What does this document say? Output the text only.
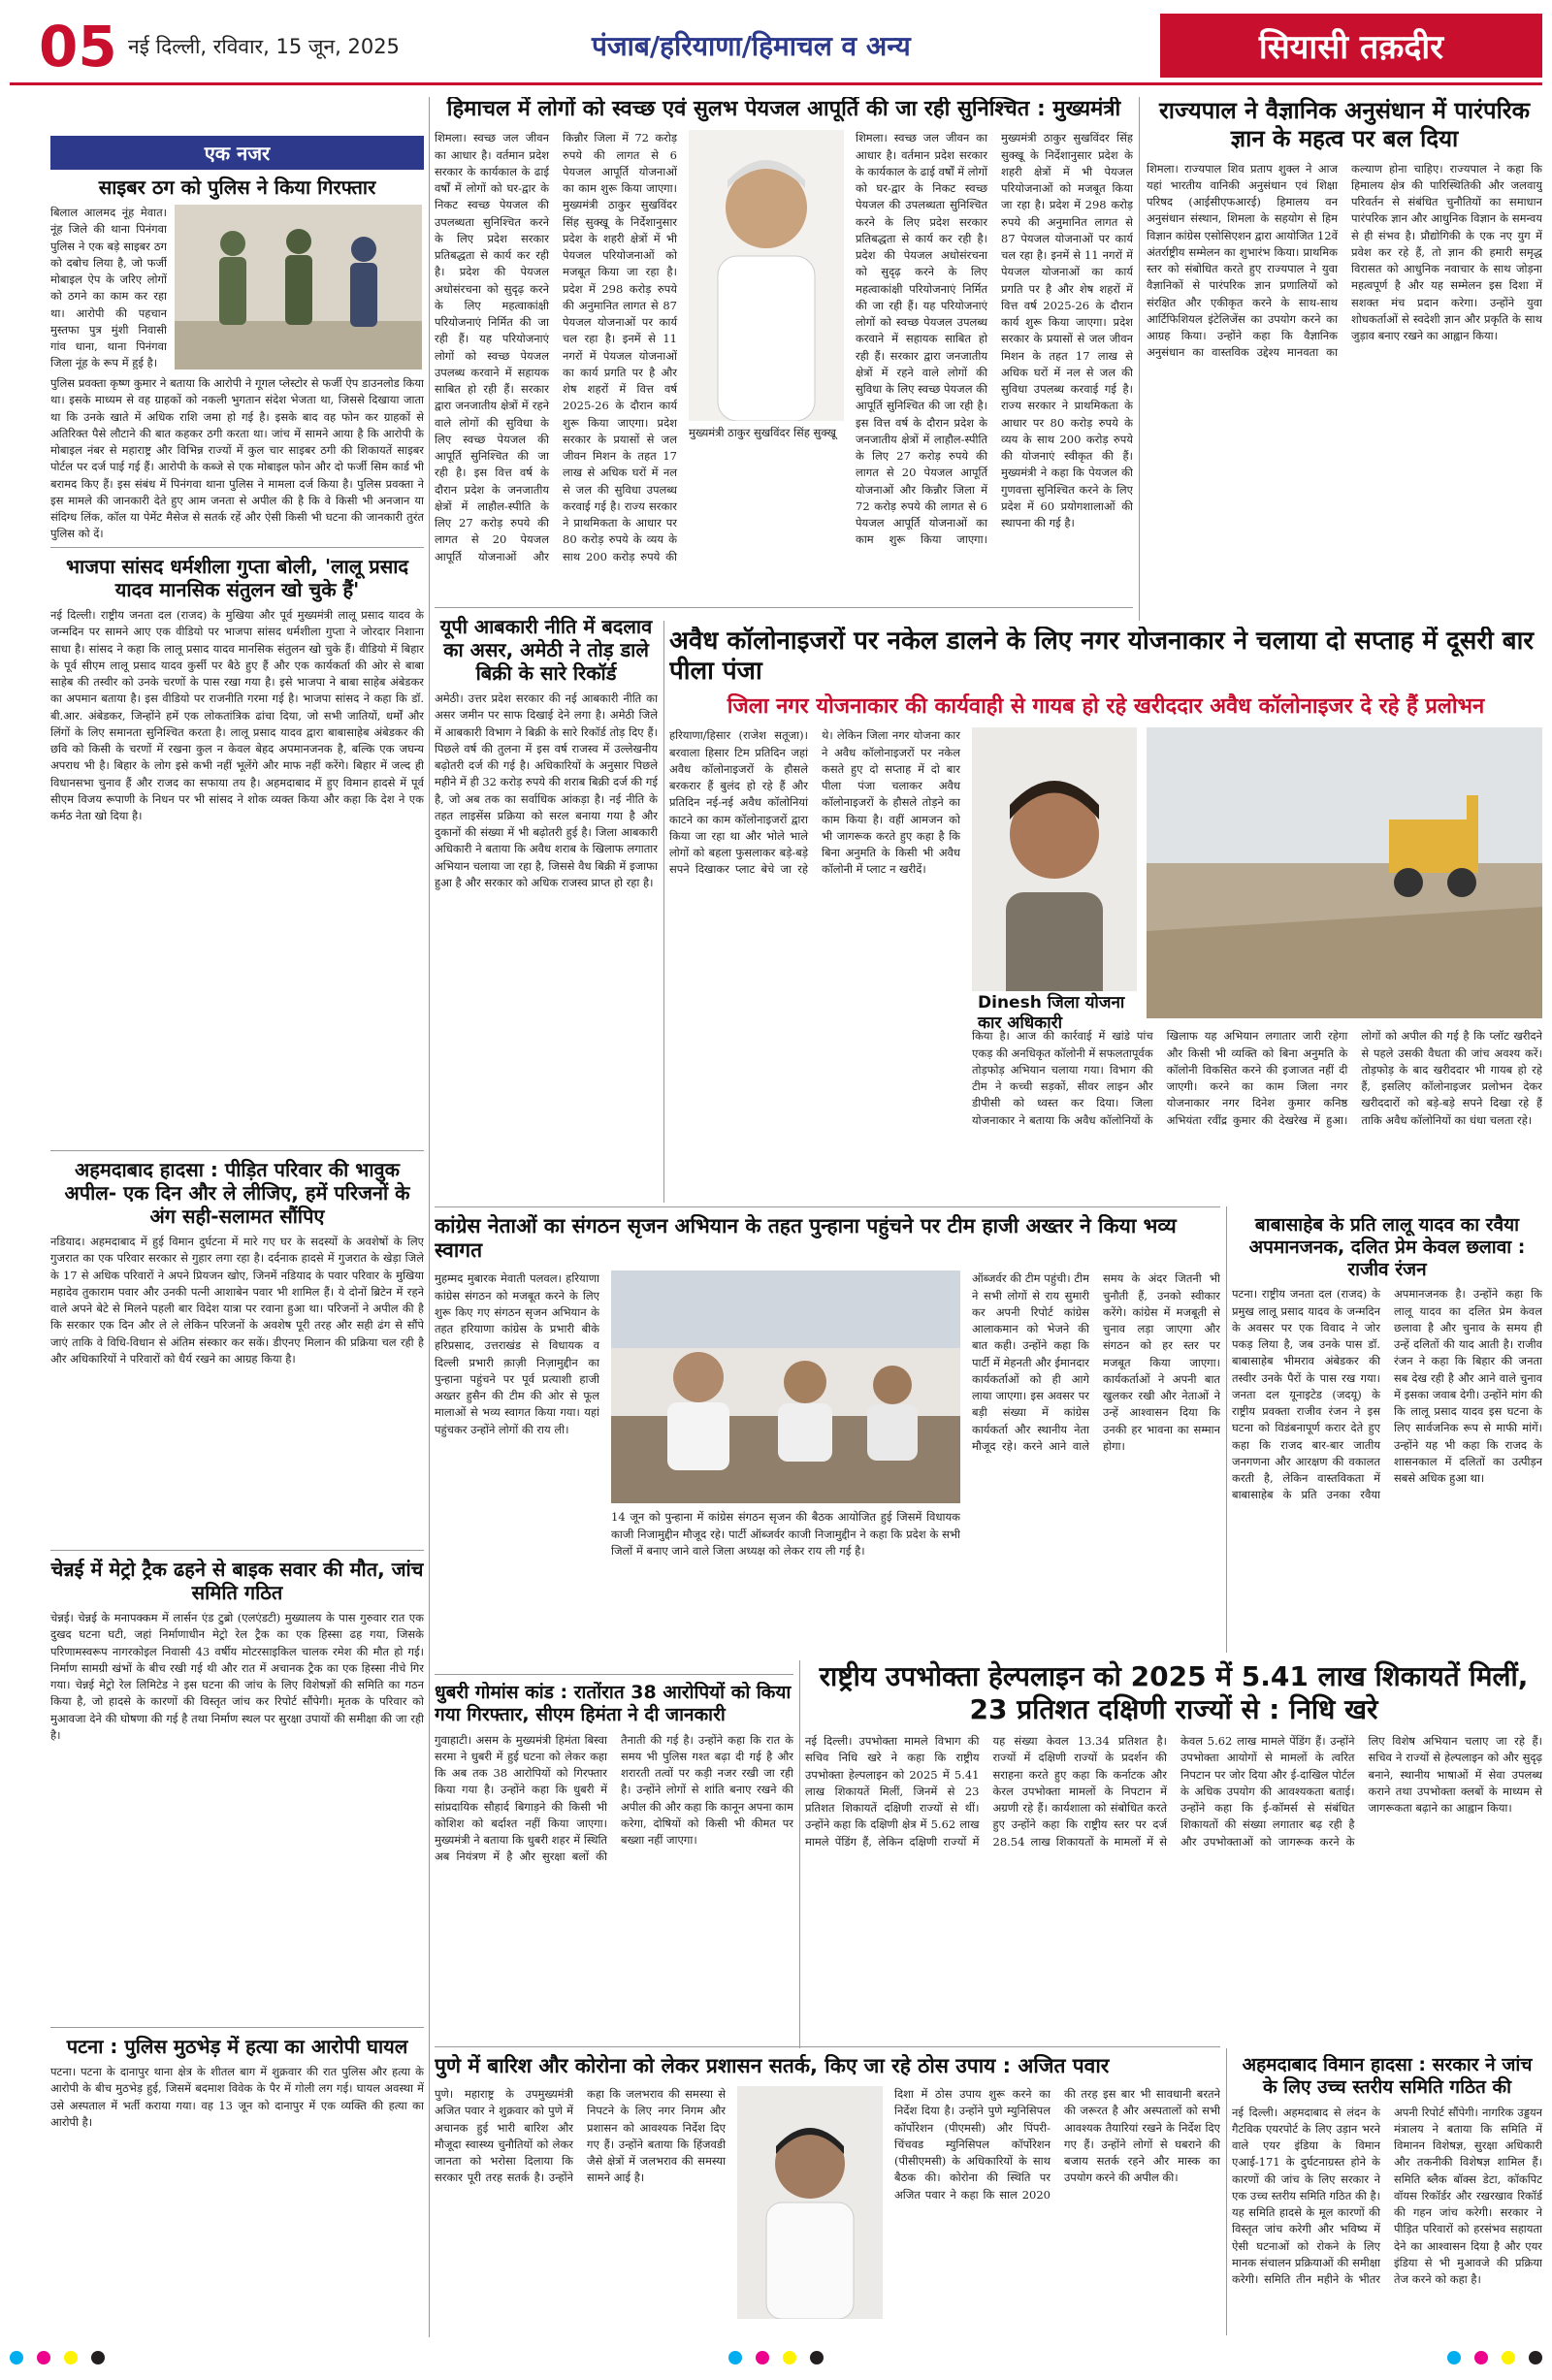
05 नई दिल्ली, रविवार, 15 जून, 2025	पंजाब/हरियाणा/हिमाचल व अन्य	सियासी तक़दीर
एक नजर
साइबर ठग को पुलिस ने किया गिरफ्तार
बिलाल आलमद नूंह मेवात। नूंह जिले की थाना पिनंगवा पुलिस ने एक बड़े साइबर ठग को दबोच लिया है, जो फर्जी मोबाइल ऐप के जरिए लोगों को ठगने का काम कर रहा था। आरोपी की पहचान मुस्तफा पुत्र मुंशी निवासी गांव धाना, थाना पिनंगवा जिला नूंह के रूप में हुई है।
पुलिस प्रवक्ता कृष्ण कुमार ने बताया कि आरोपी ने गूगल प्लेस्टोर से फर्जी ऐप डाउनलोड किया था। इसके माध्यम से वह ग्राहकों को नकली भुगतान संदेश भेजता था, जिससे दिखाया जाता था कि उनके खाते में अधिक राशि जमा हो गई है। इसके बाद वह फोन कर ग्राहकों से अतिरिक्त पैसे लौटाने की बात कहकर ठगी करता था। जांच में सामने आया है कि आरोपी के मोबाइल नंबर से महाराष्ट्र और विभिन्न राज्यों में कुल चार साइबर ठगी की शिकायतें साइबर पोर्टल पर दर्ज पाई गई हैं। आरोपी के कब्जे से एक मोबाइल फोन और दो फर्जी सिम कार्ड भी बरामद किए हैं। इस संबंध में पिनंगवा थाना पुलिस ने मामला दर्ज किया है। पुलिस प्रवक्ता ने इस मामले की जानकारी देते हुए आम जनता से अपील की है कि वे किसी भी अनजान या संदिग्ध लिंक, कॉल या पेमेंट मैसेज से सतर्क रहें और ऐसी किसी भी घटना की जानकारी तुरंत पुलिस को दें।
भाजपा सांसद धर्मशीला गुप्ता बोली, 'लालू प्रसाद यादव मानसिक संतुलन खो चुके हैं'
नई दिल्ली। राष्ट्रीय जनता दल (राजद) के मुखिया और पूर्व मुख्यमंत्री लालू प्रसाद यादव के जन्मदिन पर सामने आए एक वीडियो पर भाजपा सांसद धर्मशीला गुप्ता ने जोरदार निशाना साधा है। सांसद ने कहा कि लालू प्रसाद यादव मानसिक संतुलन खो चुके हैं। वीडियो में बिहार के पूर्व सीएम लालू प्रसाद यादव कुर्सी पर बैठे हुए हैं और एक कार्यकर्ता की ओर से बाबा साहेब की तस्वीर को उनके चरणों के पास रखा गया है। इसे भाजपा ने बाबा साहेब अंबेडकर का अपमान बताया है। इस वीडियो पर राजनीति गरमा गई है। भाजपा सांसद ने कहा कि डॉ. बी.आर. अंबेडकर, जिन्होंने हमें एक लोकतांत्रिक ढांचा दिया, जो सभी जातियों, धर्मों और लिंगों के लिए समानता सुनिश्चित करता है। लालू प्रसाद यादव द्वारा बाबासाहेब अंबेडकर की छवि को किसी के चरणों में रखना कुल न केवल बेहद अपमानजनक है, बल्कि एक जघन्य अपराध भी है। बिहार के लोग इसे कभी नहीं भूलेंगे और माफ नहीं करेंगे। बिहार में जल्द ही विधानसभा चुनाव हैं और राजद का सफाया तय है। अहमदाबाद में हुए विमान हादसे में पूर्व सीएम विजय रूपाणी के निधन पर भी सांसद ने शोक व्यक्त किया और कहा कि देश ने एक कर्मठ नेता खो दिया है।
अहमदाबाद हादसा : पीड़ित परिवार की भावुक अपील- एक दिन और ले लीजिए, हमें परिजनों के अंग सही-सलामत सौंपिए
नडियाद। अहमदाबाद में हुई विमान दुर्घटना में मारे गए घर के सदस्यों के अवशेषों के लिए गुजरात का एक परिवार सरकार से गुहार लगा रहा है। दर्दनाक हादसे में गुजरात के खेड़ा जिले के 17 से अधिक परिवारों ने अपने प्रियजन खोए, जिनमें नडियाद के पवार परिवार के मुखिया महादेव तुकाराम पवार और उनकी पत्नी आशाबेन पवार भी शामिल हैं। ये दोनों ब्रिटेन में रहने वाले अपने बेटे से मिलने पहली बार विदेश यात्रा पर रवाना हुआ था। परिजनों ने अपील की है कि सरकार एक दिन और ले ले लेकिन परिजनों के अवशेष पूरी तरह और सही ढंग से सौंपे जाएं ताकि वे विधि-विधान से अंतिम संस्कार कर सकें। डीएनए मिलान की प्रक्रिया चल रही है और अधिकारियों ने परिवारों को धैर्य रखने का आग्रह किया है।
चेन्नई में मेट्रो ट्रैक ढहने से बाइक सवार की मौत, जांच समिति गठित
चेन्नई। चेन्नई के मनापक्कम में लार्सन एंड टुब्रो (एलएंडटी) मुख्यालय के पास गुरुवार रात एक दुखद घटना घटी, जहां निर्माणाधीन मेट्रो रेल ट्रैक का एक हिस्सा ढह गया, जिसके परिणामस्वरूप नागरकोइल निवासी 43 वर्षीय मोटरसाइकिल चालक रमेश की मौत हो गई। निर्माण सामग्री खंभों के बीच रखी गई थी और रात में अचानक ट्रैक का एक हिस्सा नीचे गिर गया। चेन्नई मेट्रो रेल लिमिटेड ने इस घटना की जांच के लिए विशेषज्ञों की समिति का गठन किया है, जो हादसे के कारणों की विस्तृत जांच कर रिपोर्ट सौंपेगी। मृतक के परिवार को मुआवजा देने की घोषणा की गई है तथा निर्माण स्थल पर सुरक्षा उपायों की समीक्षा की जा रही है।
पटना : पुलिस मुठभेड़ में हत्या का आरोपी घायल
पटना। पटना के दानापुर थाना क्षेत्र के शीतल बाग में शुक्रवार की रात पुलिस और हत्या के आरोपी के बीच मुठभेड़ हुई, जिसमें बदमाश विवेक के पैर में गोली लग गई। घायल अवस्था में उसे अस्पताल में भर्ती कराया गया। वह 13 जून को दानापुर में एक व्यक्ति की हत्या का आरोपी है।
हिमाचल में लोगों को स्वच्छ एवं सुलभ पेयजल आपूर्ति की जा रही सुनिश्चित : मुख्यमंत्री
शिमला। स्वच्छ जल जीवन का आधार है। वर्तमान प्रदेश सरकार के कार्यकाल के ढाई वर्षों में लोगों को घर-द्वार के निकट स्वच्छ पेयजल की उपलब्धता सुनिश्चित करने के लिए प्रदेश सरकार प्रतिबद्धता से कार्य कर रही है। प्रदेश की पेयजल अधोसंरचना को सुदृढ़ करने के लिए महत्वाकांक्षी परियोजनाएं निर्मित की जा रही हैं। यह परियोजनाएं लोगों को स्वच्छ पेयजल उपलब्ध करवाने में सहायक साबित हो रही हैं। सरकार द्वारा जनजातीय क्षेत्रों में रहने वाले लोगों की सुविधा के लिए स्वच्छ पेयजल की आपूर्ति सुनिश्चित की जा रही है। इस वित्त वर्ष के दौरान प्रदेश के जनजातीय क्षेत्रों में लाहौल-स्पीति के लिए 27 करोड़ रुपये की लागत से 20 पेयजल आपूर्ति योजनाओं और किन्नौर जिला में 72 करोड़ रुपये की लागत से 6 पेयजल आपूर्ति योजनाओं का काम शुरू किया जाएगा। मुख्यमंत्री ठाकुर सुखविंदर सिंह सुक्खू के निर्देशानुसार प्रदेश के शहरी क्षेत्रों में भी पेयजल परियोजनाओं को मजबूत किया जा रहा है। प्रदेश में 298 करोड़ रुपये की अनुमानित लागत से 87 पेयजल योजनाओं पर कार्य चल रहा है। इनमें से 11 नगरों में पेयजल योजनाओं का कार्य प्रगति पर है और शेष शहरों में वित्त वर्ष 2025-26 के दौरान कार्य शुरू किया जाएगा। प्रदेश सरकार के प्रयासों से जल जीवन मिशन के तहत 17 लाख से अधिक घरों में नल से जल की सुविधा उपलब्ध करवाई गई है। राज्य सरकार ने प्राथमिकता के आधार पर 80 करोड़ रुपये के व्यय के साथ 200 करोड़ रुपये की
मुख्यमंत्री ठाकुर सुखविंदर सिंह सुक्खू
शिमला। स्वच्छ जल जीवन का आधार है। वर्तमान प्रदेश सरकार के कार्यकाल के ढाई वर्षों में लोगों को घर-द्वार के निकट स्वच्छ पेयजल की उपलब्धता सुनिश्चित करने के लिए प्रदेश सरकार प्रतिबद्धता से कार्य कर रही है। प्रदेश की पेयजल अधोसंरचना को सुदृढ़ करने के लिए महत्वाकांक्षी परियोजनाएं निर्मित की जा रही हैं। यह परियोजनाएं लोगों को स्वच्छ पेयजल उपलब्ध करवाने में सहायक साबित हो रही हैं। सरकार द्वारा जनजातीय क्षेत्रों में रहने वाले लोगों की सुविधा के लिए स्वच्छ पेयजल की आपूर्ति सुनिश्चित की जा रही है। इस वित्त वर्ष के दौरान प्रदेश के जनजातीय क्षेत्रों में लाहौल-स्पीति के लिए 27 करोड़ रुपये की लागत से 20 पेयजल आपूर्ति योजनाओं और किन्नौर जिला में 72 करोड़ रुपये की लागत से 6 पेयजल आपूर्ति योजनाओं का काम शुरू किया जाएगा। मुख्यमंत्री ठाकुर सुखविंदर सिंह सुक्खू के निर्देशानुसार प्रदेश के शहरी क्षेत्रों में भी पेयजल परियोजनाओं को मजबूत किया जा रहा है। प्रदेश में 298 करोड़ रुपये की अनुमानित लागत से 87 पेयजल योजनाओं पर कार्य चल रहा है। इनमें से 11 नगरों में पेयजल योजनाओं का कार्य प्रगति पर है और शेष शहरों में वित्त वर्ष 2025-26 के दौरान कार्य शुरू किया जाएगा। प्रदेश सरकार के प्रयासों से जल जीवन मिशन के तहत 17 लाख से अधिक घरों में नल से जल की सुविधा उपलब्ध करवाई गई है। राज्य सरकार ने प्राथमिकता के आधार पर 80 करोड़ रुपये के व्यय के साथ 200 करोड़ रुपये की योजनाएं स्वीकृत की हैं। मुख्यमंत्री ने कहा कि पेयजल की गुणवत्ता सुनिश्चित करने के लिए प्रदेश में 60 प्रयोगशालाओं की स्थापना की गई है।
राज्यपाल ने वैज्ञानिक अनुसंधान में पारंपरिक ज्ञान के महत्व पर बल दिया
शिमला। राज्यपाल शिव प्रताप शुक्ल ने आज यहां भारतीय वानिकी अनुसंधान एवं शिक्षा परिषद (आईसीएफआरई) हिमालय वन अनुसंधान संस्थान, शिमला के सहयोग से हिम विज्ञान कांग्रेस एसोसिएशन द्वारा आयोजित 12वें अंतर्राष्ट्रीय सम्मेलन का शुभारंभ किया। प्राथमिक स्तर को संबोधित करते हुए राज्यपाल ने युवा वैज्ञानिकों से पारंपरिक ज्ञान प्रणालियों को संरक्षित और एकीकृत करने के साथ-साथ आर्टिफिशियल इंटेलिजेंस का उपयोग करने का आग्रह किया। उन्होंने कहा कि वैज्ञानिक अनुसंधान का वास्तविक उद्देश्य मानवता का कल्याण होना चाहिए। राज्यपाल ने कहा कि हिमालय क्षेत्र की पारिस्थितिकी और जलवायु परिवर्तन से संबंधित चुनौतियों का समाधान पारंपरिक ज्ञान और आधुनिक विज्ञान के समन्वय से ही संभव है। प्रौद्योगिकी के एक नए युग में प्रवेश कर रहे हैं, तो ज्ञान की हमारी समृद्ध विरासत को आधुनिक नवाचार के साथ जोड़ना महत्वपूर्ण है और यह सम्मेलन इस दिशा में सशक्त मंच प्रदान करेगा। उन्होंने युवा शोधकर्ताओं से स्वदेशी ज्ञान और प्रकृति के साथ जुड़ाव बनाए रखने का आह्वान किया।
यूपी आबकारी नीति में बदलाव का असर, अमेठी ने तोड़ डाले बिक्री के सारे रिकॉर्ड
अमेठी। उत्तर प्रदेश सरकार की नई आबकारी नीति का असर जमीन पर साफ दिखाई देने लगा है। अमेठी जिले में आबकारी विभाग ने बिक्री के सारे रिकॉर्ड तोड़ दिए हैं। पिछले वर्ष की तुलना में इस वर्ष राजस्व में उल्लेखनीय बढ़ोतरी दर्ज की गई है। अधिकारियों के अनुसार पिछले महीने में ही 32 करोड़ रुपये की शराब बिक्री दर्ज की गई है, जो अब तक का सर्वाधिक आंकड़ा है। नई नीति के तहत लाइसेंस प्रक्रिया को सरल बनाया गया है और दुकानों की संख्या में भी बढ़ोतरी हुई है। जिला आबकारी अधिकारी ने बताया कि अवैध शराब के खिलाफ लगातार अभियान चलाया जा रहा है, जिससे वैध बिक्री में इजाफा हुआ है और सरकार को अधिक राजस्व प्राप्त हो रहा है।
अवैध कॉलोनाइजरों पर नकेल डालने के लिए नगर योजनाकार ने चलाया दो सप्ताह में दूसरी बार पीला पंजा
जिला नगर योजनाकार की कार्यवाही से गायब हो रहे खरीददार अवैध कॉलोनाइजर दे रहे हैं प्रलोभन
हरियाणा/हिसार (राजेश सतूजा)। बरवाला हिसार टिम प्रतिदिन जहां अवैध कॉलोनाइजरों के हौसले बरकरार हैं बुलंद हो रहे हैं और प्रतिदिन नई-नई अवैध कॉलोनियां काटने का काम कॉलोनाइजरों द्वारा किया जा रहा था और भोले भाले लोगों को बहला फुसलाकर बड़े-बड़े सपने दिखाकर प्लाट बेचे जा रहे थे। लेकिन जिला नगर योजना कार ने अवैध कॉलोनाइजरों पर नकेल कसते हुए दो सप्ताह में दो बार पीला पंजा चलाकर अवैध कॉलोनाइजरों के हौसले तोड़ने का काम किया है। वहीं आमजन को भी जागरूक करते हुए कहा है कि बिना अनुमति के किसी भी अवैध कॉलोनी में प्लाट न खरीदें।
Dinesh जिला योजना कार अधिकारी
किया है। आज की कार्रवाई में खांडे पांच एकड़ की अनधिकृत कॉलोनी में सफलतापूर्वक तोड़फोड़ अभियान चलाया गया। विभाग की टीम ने कच्ची सड़कों, सीवर लाइन और डीपीसी को ध्वस्त कर दिया। जिला योजनाकार ने बताया कि अवैध कॉलोनियों के खिलाफ यह अभियान लगातार जारी रहेगा और किसी भी व्यक्ति को बिना अनुमति के कॉलोनी विकसित करने की इजाजत नहीं दी जाएगी। करने का काम जिला नगर योजनाकार नगर दिनेश कुमार कनिष्ठ अभियंता रवींद्र कुमार की देखरेख में हुआ। लोगों को अपील की गई है कि प्लॉट खरीदने से पहले उसकी वैधता की जांच अवश्य करें। तोड़फोड़ के बाद खरीददार भी गायब हो रहे हैं, इसलिए कॉलोनाइजर प्रलोभन देकर खरीददारों को बड़े-बड़े सपने दिखा रहे हैं ताकि अवैध कॉलोनियों का धंधा चलता रहे।
कांग्रेस नेताओं का संगठन सृजन अभियान के तहत पुन्हाना पहुंचने पर टीम हाजी अख्तर ने किया भव्य स्वागत
मुहम्मद मुबारक मेवाती पलवल। हरियाणा कांग्रेस संगठन को मजबूत करने के लिए शुरू किए गए संगठन सृजन अभियान के तहत हरियाणा कांग्रेस के प्रभारी बीके हरिप्रसाद, उत्तराखंड से विधायक व दिल्ली प्रभारी क़ाज़ी निज़ामुद्दीन का पुन्हाना पहुंचने पर पूर्व प्रत्याशी हाजी अख्तर हुसैन की टीम की ओर से फूल मालाओं से भव्य स्वागत किया गया। यहां पहुंचकर उन्होंने लोगों की राय ली।
14 जून को पुन्हाना में कांग्रेस संगठन सृजन की बैठक आयोजित हुई जिसमें विधायक काजी निजामुद्दीन मौजूद रहे। पार्टी ऑब्जर्वर काजी निजामुद्दीन ने कहा कि प्रदेश के सभी जिलों में बनाए जाने वाले जिला अध्यक्ष को लेकर राय ली गई है।
ऑब्जर्वर की टीम पहुंची। टीम ने सभी लोगों से राय सुमारी कर अपनी रिपोर्ट कांग्रेस आलाकमान को भेजने की बात कही। उन्होंने कहा कि पार्टी में मेहनती और ईमानदार कार्यकर्ताओं को ही आगे लाया जाएगा। इस अवसर पर बड़ी संख्या में कांग्रेस कार्यकर्ता और स्थानीय नेता मौजूद रहे। करने आने वाले समय के अंदर जितनी भी चुनौती हैं, उनको स्वीकार करेंगे। कांग्रेस में मजबूती से चुनाव लड़ा जाएगा और संगठन को हर स्तर पर मजबूत किया जाएगा। कार्यकर्ताओं ने अपनी बात खुलकर रखी और नेताओं ने उन्हें आश्वासन दिया कि उनकी हर भावना का सम्मान होगा।
बाबासाहेब के प्रति लालू यादव का रवैया अपमानजनक, दलित प्रेम केवल छलावा : राजीव रंजन
पटना। राष्ट्रीय जनता दल (राजद) के प्रमुख लालू प्रसाद यादव के जन्मदिन के अवसर पर एक विवाद ने जोर पकड़ लिया है, जब उनके पास डॉ. बाबासाहेब भीमराव अंबेडकर की तस्वीर उनके पैरों के पास रख गया। जनता दल यूनाइटेड (जदयू) के राष्ट्रीय प्रवक्ता राजीव रंजन ने इस घटना को विडंबनापूर्ण करार देते हुए कहा कि राजद बार-बार जातीय जनगणना और आरक्षण की वकालत करती है, लेकिन वास्तविकता में बाबासाहेब के प्रति उनका रवैया अपमानजनक है। उन्होंने कहा कि लालू यादव का दलित प्रेम केवल छलावा है और चुनाव के समय ही उन्हें दलितों की याद आती है। राजीव रंजन ने कहा कि बिहार की जनता सब देख रही है और आने वाले चुनाव में इसका जवाब देगी। उन्होंने मांग की कि लालू प्रसाद यादव इस घटना के लिए सार्वजनिक रूप से माफी मांगें। उन्होंने यह भी कहा कि राजद के शासनकाल में दलितों का उत्पीड़न सबसे अधिक हुआ था।
धुबरी गोमांस कांड : रातोंरात 38 आरोपियों को किया गया गिरफ्तार, सीएम हिमंता ने दी जानकारी
गुवाहाटी। असम के मुख्यमंत्री हिमंता बिस्वा सरमा ने धुबरी में हुई घटना को लेकर कहा कि अब तक 38 आरोपियों को गिरफ्तार किया गया है। उन्होंने कहा कि धुबरी में सांप्रदायिक सौहार्द बिगाड़ने की किसी भी कोशिश को बर्दाश्त नहीं किया जाएगा। मुख्यमंत्री ने बताया कि धुबरी शहर में स्थिति अब नियंत्रण में है और सुरक्षा बलों की तैनाती की गई है। उन्होंने कहा कि रात के समय भी पुलिस गश्त बढ़ा दी गई है और शरारती तत्वों पर कड़ी नजर रखी जा रही है। उन्होंने लोगों से शांति बनाए रखने की अपील की और कहा कि कानून अपना काम करेगा, दोषियों को किसी भी कीमत पर बख्शा नहीं जाएगा।
राष्ट्रीय उपभोक्ता हेल्पलाइन को 2025 में 5.41 लाख शिकायतें मिलीं, 23 प्रतिशत दक्षिणी राज्यों से : निधि खरे
नई दिल्ली। उपभोक्ता मामले विभाग की सचिव निधि खरे ने कहा कि राष्ट्रीय उपभोक्ता हेल्पलाइन को 2025 में 5.41 लाख शिकायतें मिलीं, जिनमें से 23 प्रतिशत शिकायतें दक्षिणी राज्यों से थीं। उन्होंने कहा कि दक्षिणी क्षेत्र में 5.62 लाख मामले पेंडिंग हैं, लेकिन दक्षिणी राज्यों में यह संख्या केवल 13.34 प्रतिशत है। राज्यों में दक्षिणी राज्यों के प्रदर्शन की सराहना करते हुए कहा कि कर्नाटक और केरल उपभोक्ता मामलों के निपटान में अग्रणी रहे हैं। कार्यशाला को संबोधित करते हुए उन्होंने कहा कि राष्ट्रीय स्तर पर दर्ज 28.54 लाख शिकायतों के मामलों में से केवल 5.62 लाख मामले पेंडिंग हैं। उन्होंने उपभोक्ता आयोगों से मामलों के त्वरित निपटान पर जोर दिया और ई-दाखिल पोर्टल के अधिक उपयोग की आवश्यकता बताई। उन्होंने कहा कि ई-कॉमर्स से संबंधित शिकायतों की संख्या लगातार बढ़ रही है और उपभोक्ताओं को जागरूक करने के लिए विशेष अभियान चलाए जा रहे हैं। सचिव ने राज्यों से हेल्पलाइन को और सुदृढ़ बनाने, स्थानीय भाषाओं में सेवा उपलब्ध कराने तथा उपभोक्ता क्लबों के माध्यम से जागरूकता बढ़ाने का आह्वान किया।
पुणे में बारिश और कोरोना को लेकर प्रशासन सतर्क, किए जा रहे ठोस उपाय : अजित पवार
पुणे। महाराष्ट्र के उपमुख्यमंत्री अजित पवार ने शुक्रवार को पुणे में अचानक हुई भारी बारिश और मौजूदा स्वास्थ्य चुनौतियों को लेकर जानता को भरोसा दिलाया कि सरकार पूरी तरह सतर्क है। उन्होंने कहा कि जलभराव की समस्या से निपटने के लिए नगर निगम और प्रशासन को आवश्यक निर्देश दिए गए हैं। उन्होंने बताया कि हिंजवडी जैसे क्षेत्रों में जलभराव की समस्या सामने आई है।
दिशा में ठोस उपाय शुरू करने का निर्देश दिया है। उन्होंने पुणे म्युनिसिपल कॉर्पोरेशन (पीएमसी) और पिंपरी-चिंचवड म्युनिसिपल कॉर्पोरेशन (पीसीएमसी) के अधिकारियों के साथ बैठक की। कोरोना की स्थिति पर अजित पवार ने कहा कि साल 2020 की तरह इस बार भी सावधानी बरतने की जरूरत है और अस्पतालों को सभी आवश्यक तैयारियां रखने के निर्देश दिए गए हैं। उन्होंने लोगों से घबराने की बजाय सतर्क रहने और मास्क का उपयोग करने की अपील की।
अहमदाबाद विमान हादसा : सरकार ने जांच के लिए उच्च स्तरीय समिति गठित की
नई दिल्ली। अहमदाबाद से लंदन के गैटविक एयरपोर्ट के लिए उड़ान भरने वाले एयर इंडिया के विमान एआई-171 के दुर्घटनाग्रस्त होने के कारणों की जांच के लिए सरकार ने एक उच्च स्तरीय समिति गठित की है। यह समिति हादसे के मूल कारणों की विस्तृत जांच करेगी और भविष्य में ऐसी घटनाओं को रोकने के लिए मानक संचालन प्रक्रियाओं की समीक्षा करेगी। समिति तीन महीने के भीतर अपनी रिपोर्ट सौंपेगी। नागरिक उड्डयन मंत्रालय ने बताया कि समिति में विमानन विशेषज्ञ, सुरक्षा अधिकारी और तकनीकी विशेषज्ञ शामिल हैं। समिति ब्लैक बॉक्स डेटा, कॉकपिट वॉयस रिकॉर्डर और रखरखाव रिकॉर्ड की गहन जांच करेगी। सरकार ने पीड़ित परिवारों को हरसंभव सहायता देने का आश्वासन दिया है और एयर इंडिया से भी मुआवजे की प्रक्रिया तेज करने को कहा है।
